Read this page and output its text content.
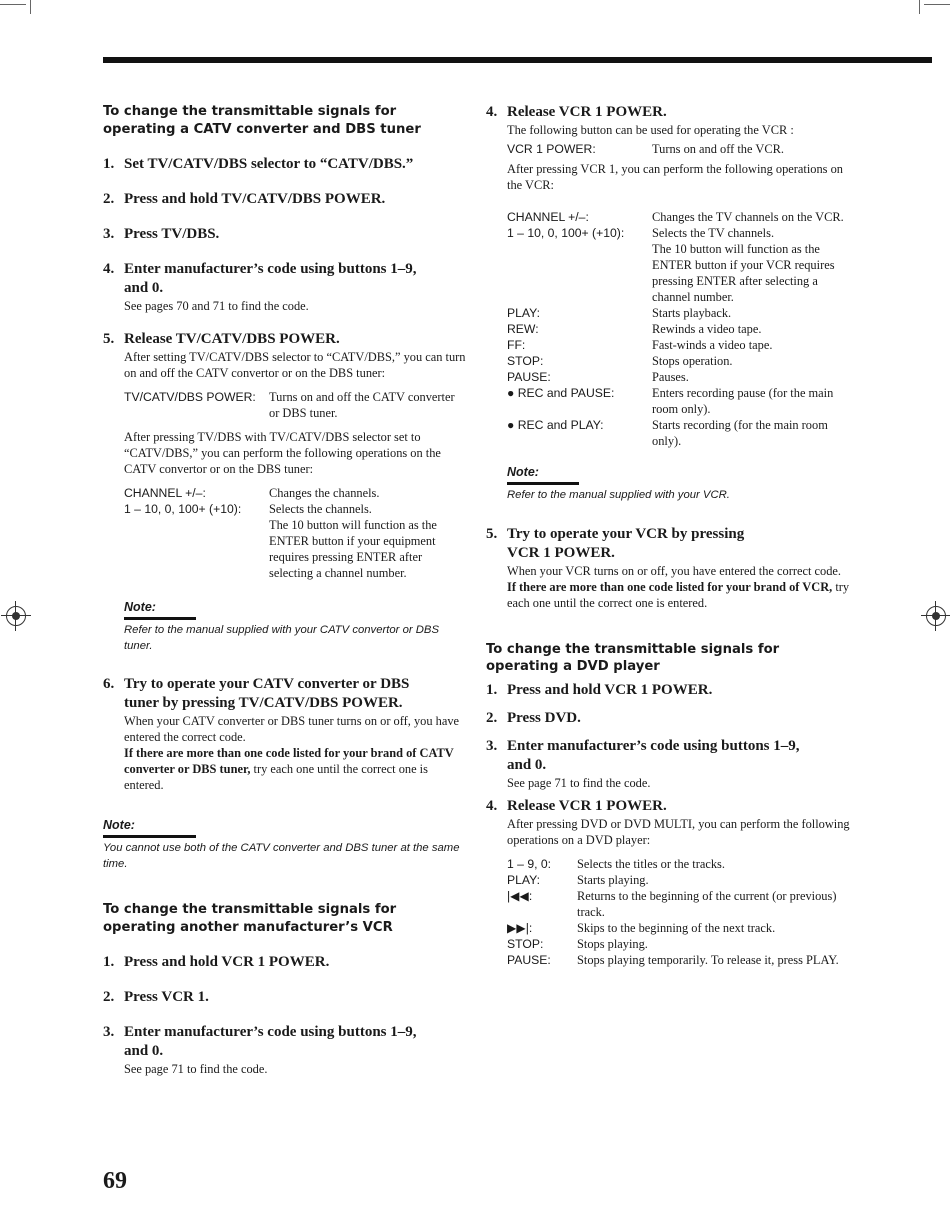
To change the transmittable signals for
operating a CATV converter and DBS tuner
1. Set TV/CATV/DBS selector to “CATV/DBS.”
2. Press and hold TV/CATV/DBS POWER.
3. Press TV/DBS.
4. Enter manufacturer’s code using buttons 1–9,
and 0.
See pages 70 and 71 to find the code.
5. Release TV/CATV/DBS POWER.
After setting TV/CATV/DBS selector to “CATV/DBS,” you can turn on and off the CATV convertor or on the DBS tuner:
TV/CATV/DBS POWER:	Turns on and off the CATV converter or DBS tuner.
After pressing TV/DBS with TV/CATV/DBS selector set to “CATV/DBS,” you can perform the following operations on the CATV convertor or on the DBS tuner:
CHANNEL +/–:	Changes the channels.
1 – 10, 0, 100+ (+10):	Selects the channels.
The 10 button will function as the ENTER button if your equipment requires pressing ENTER after selecting a channel number.
Note:
Refer to the manual supplied with your CATV convertor or DBS tuner.
6. Try to operate your CATV converter or DBS
tuner by pressing TV/CATV/DBS POWER.
When your CATV converter or DBS tuner turns on or off, you have entered the correct code.
If there are more than one code listed for your brand of CATV converter or DBS tuner, try each one until the correct one is entered.
Note:
You cannot use both of the CATV converter and DBS tuner at the same time.
To change the transmittable signals for
operating another manufacturer’s VCR
1. Press and hold VCR 1 POWER.
2. Press VCR 1.
3. Enter manufacturer’s code using buttons 1–9,
and 0.
See page 71 to find the code.
4. Release VCR 1 POWER.
The following button can be used for operating the VCR :
VCR 1 POWER:	Turns on and off the VCR.
After pressing VCR 1, you can perform the following operations on the VCR:
CHANNEL +/–:	Changes the TV channels on the VCR.
1 – 10, 0, 100+ (+10):	Selects the TV channels.
The 10 button will function as the ENTER button if your VCR requires pressing ENTER after selecting a channel number.
PLAY:	Starts playback.
REW:	Rewinds a video tape.
FF:	Fast-winds a video tape.
STOP:	Stops operation.
PAUSE:	Pauses.
● REC and PAUSE:	Enters recording pause (for the main room only).
● REC and PLAY:	Starts recording (for the main room only).
Note:
Refer to the manual supplied with your VCR.
5. Try to operate your VCR by pressing
VCR 1 POWER.
When your VCR turns on or off, you have entered the correct code.
If there are more than one code listed for your brand of VCR, try each one until the correct one is entered.
To change the transmittable signals for
operating a DVD player
1. Press and hold VCR 1 POWER.
2. Press DVD.
3. Enter manufacturer’s code using buttons 1–9,
and 0.
See page 71 to find the code.
4. Release VCR 1 POWER.
After pressing DVD or DVD MULTI, you can perform the following operations on a DVD player:
1 – 9, 0:	Selects the titles or the tracks.
PLAY:	Starts playing.
|◀◀:	Returns to the beginning of the current (or previous) track.
▶▶|:	Skips to the beginning of the next track.
STOP:	Stops playing.
PAUSE:	Stops playing temporarily. To release it, press PLAY.
69
